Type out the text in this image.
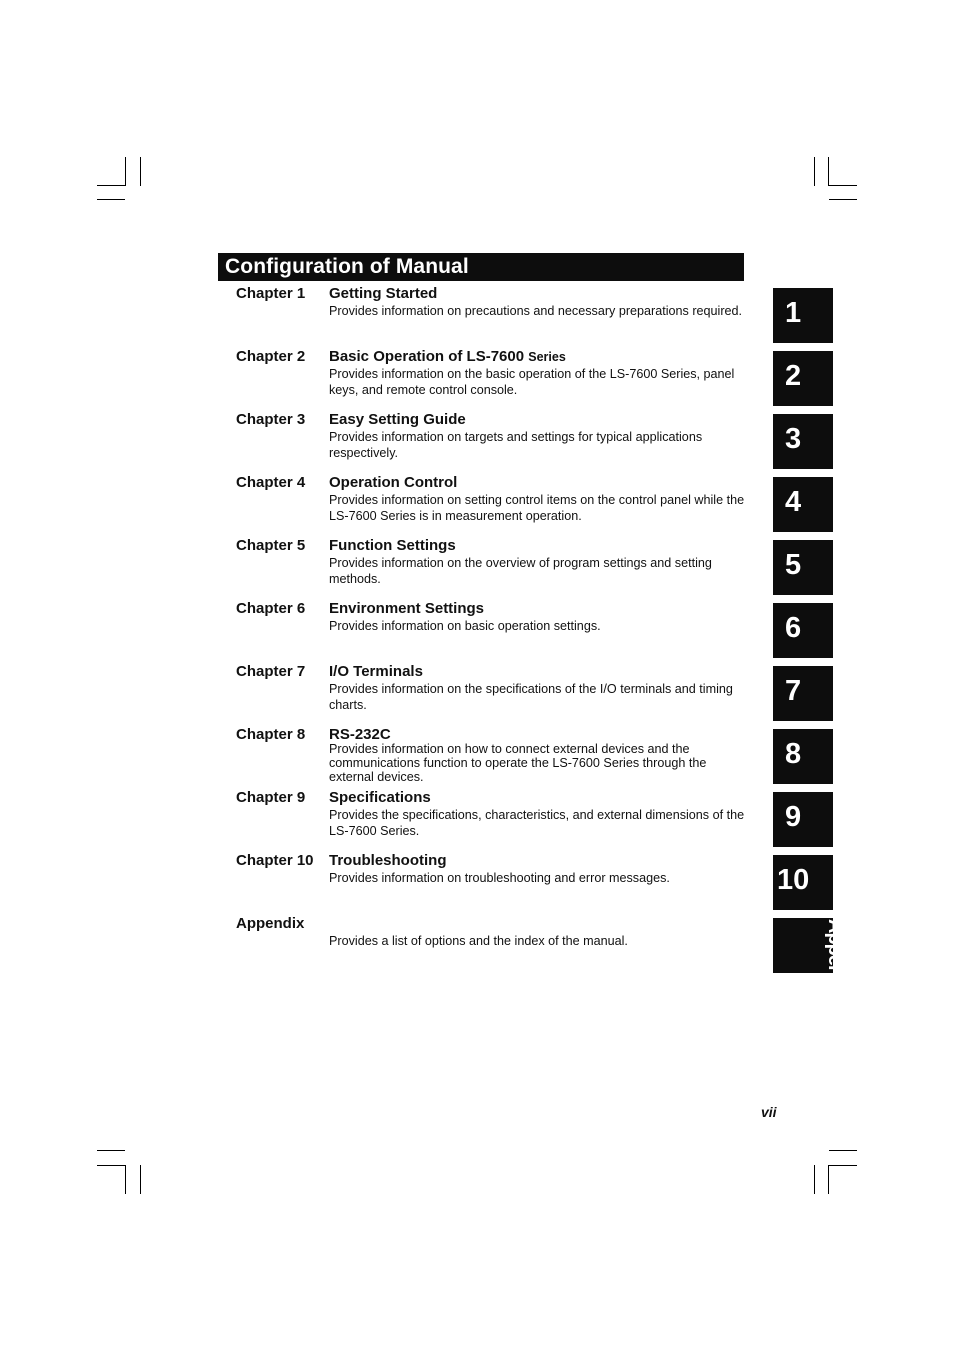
Configuration of Manual
Chapter 1 Getting Started
Provides information on precautions and necessary preparations required.
Chapter 2 Basic Operation of LS-7600 Series
Provides information on the basic operation of the LS-7600 Series, panel keys, and remote control console.
Chapter 3 Easy Setting Guide
Provides information on targets and settings for typical applications respectively.
Chapter 4 Operation Control
Provides information on setting control items on the control panel while the LS-7600 Series is in measurement operation.
Chapter 5 Function Settings
Provides information on the overview of program settings and setting methods.
Chapter 6 Environment Settings
Provides information on basic operation settings.
Chapter 7 I/O Terminals
Provides information on the specifications of the I/O terminals and timing charts.
Chapter 8 RS-232C
Provides information on how to connect external devices and the communications function to operate the LS-7600 Series through the external devices.
Chapter 9 Specifications
Provides the specifications, characteristics, and external dimensions of the LS-7600 Series.
Chapter 10 Troubleshooting
Provides information on troubleshooting and error messages.
Appendix
Provides a list of options and the index of the manual.
1
2
3
4
5
6
7
8
9
10
Appendix
vii
